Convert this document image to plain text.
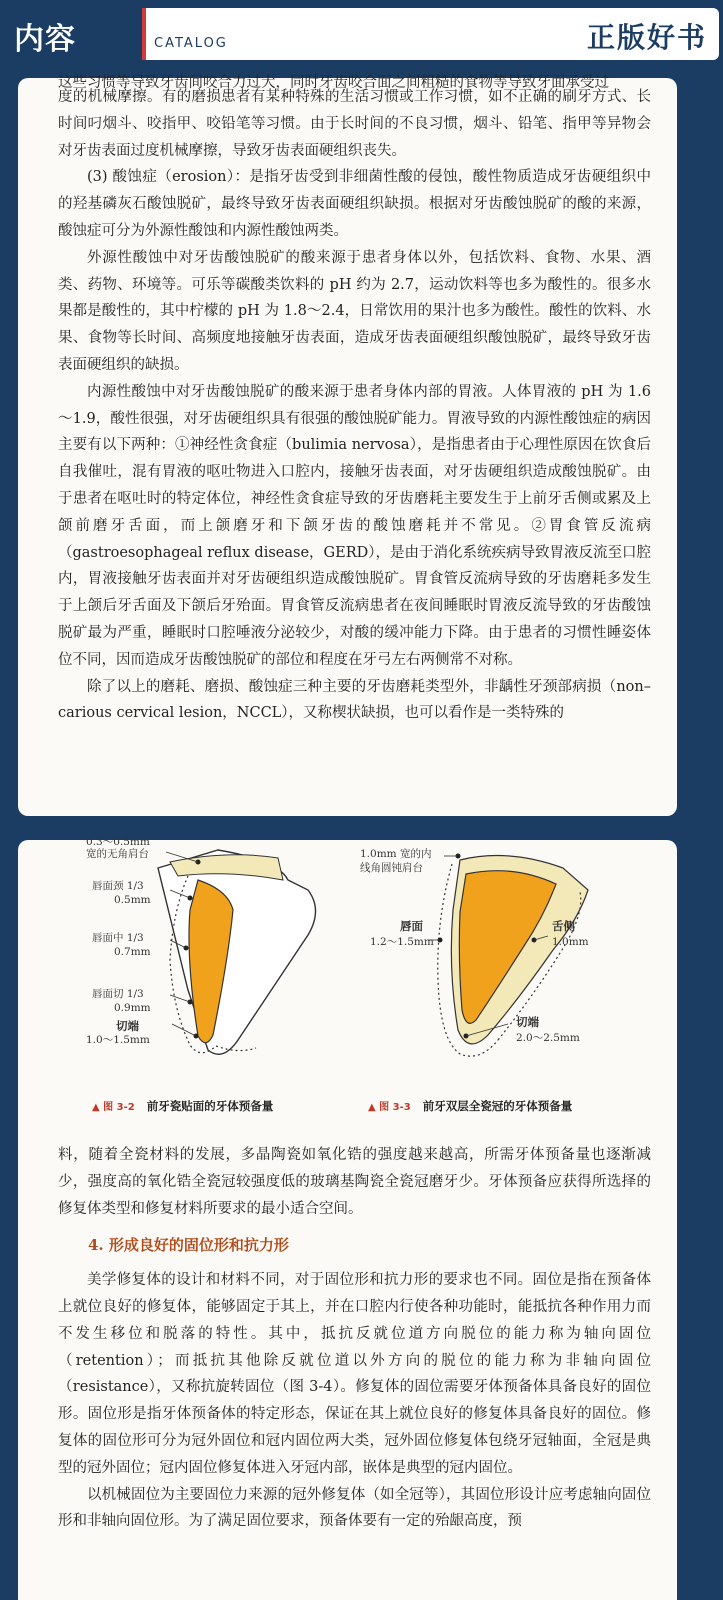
内容	CATALOG	正版好书

这些习惯等导致牙齿间咬合力过大，同时牙齿咬合面之间粗糙的食物等导致牙面承受过

度的机械摩擦。有的磨损患者有某种特殊的生活习惯或工作习惯，如不正确的刷牙方式、长时间叼烟斗、咬指甲、咬铅笔等习惯。由于长时间的不良习惯，烟斗、铅笔、指甲等异物会对牙齿表面过度机械摩擦，导致牙齿表面硬组织丧失。

(3) 酸蚀症（erosion）：是指牙齿受到非细菌性酸的侵蚀，酸性物质造成牙齿硬组织中的羟基磷灰石酸蚀脱矿，最终导致牙齿表面硬组织缺损。根据对牙齿酸蚀脱矿的酸的来源，酸蚀症可分为外源性酸蚀和内源性酸蚀两类。

外源性酸蚀中对牙齿酸蚀脱矿的酸来源于患者身体以外，包括饮料、食物、水果、酒类、药物、环境等。可乐等碳酸类饮料的 pH 约为 2.7，运动饮料等也多为酸性的。很多水果都是酸性的，其中柠檬的 pH 为 1.8～2.4，日常饮用的果汁也多为酸性。酸性的饮料、水果、食物等长时间、高频度地接触牙齿表面，造成牙齿表面硬组织酸蚀脱矿，最终导致牙齿表面硬组织的缺损。

内源性酸蚀中对牙齿酸蚀脱矿的酸来源于患者身体内部的胃液。人体胃液的 pH 为 1.6～1.9，酸性很强，对牙齿硬组织具有很强的酸蚀脱矿能力。胃液导致的内源性酸蚀症的病因主要有以下两种：①神经性贪食症（bulimia nervosa），是指患者由于心理性原因在饮食后自我催吐，混有胃液的呕吐物进入口腔内，接触牙齿表面，对牙齿硬组织造成酸蚀脱矿。由于患者在呕吐时的特定体位，神经性贪食症导致的牙齿磨耗主要发生于上前牙舌侧或累及上颌前磨牙舌面，而上颌磨牙和下颌牙齿的酸蚀磨耗并不常见。②胃食管反流病（gastroesophageal reflux disease，GERD），是由于消化系统疾病导致胃液反流至口腔内，胃液接触牙齿表面并对牙齿硬组织造成酸蚀脱矿。胃食管反流病导致的牙齿磨耗多发生于上颌后牙舌面及下颌后牙殆面。胃食管反流病患者在夜间睡眠时胃液反流导致的牙齿酸蚀脱矿最为严重，睡眠时口腔唾液分泌较少，对酸的缓冲能力下降。由于患者的习惯性睡姿体位不同，因而造成牙齿酸蚀脱矿的部位和程度在牙弓左右两侧常不对称。

除了以上的磨耗、磨损、酸蚀症三种主要的牙齿磨耗类型外，非龋性牙颈部病损（non–carious cervical lesion，NCCL），又称楔状缺损，也可以看作是一类特殊的

0.3～0.5mm
宽的无角肩台
唇面颈 1/3
0.5mm
唇面中 1/3
0.7mm
唇面切 1/3
0.9mm
切端
1.0～1.5mm
1.0mm 宽的内
线角圆钝肩台
唇面
1.2～1.5mm
舌侧
1.0mm
切端
2.0～2.5mm
▲ 图 3-2 前牙瓷贴面的牙体预备量	▲ 图 3-3 前牙双层全瓷冠的牙体预备量

料，随着全瓷材料的发展，多晶陶瓷如氧化锆的强度越来越高，所需牙体预备量也逐渐减少，强度高的氧化锆全瓷冠较强度低的玻璃基陶瓷全瓷冠磨牙少。牙体预备应获得所选择的修复体类型和修复材料所要求的最小适合空间。

4. 形成良好的固位形和抗力形

美学修复体的设计和材料不同，对于固位形和抗力形的要求也不同。固位是指在预备体上就位良好的修复体，能够固定于其上，并在口腔内行使各种功能时，能抵抗各种作用力而不发生移位和脱落的特性。其中，抵抗反就位道方向脱位的能力称为轴向固位（retention）；而抵抗其他除反就位道以外方向的脱位的能力称为非轴向固位（resistance），又称抗旋转固位（图 3-4）。修复体的固位需要牙体预备体具备良好的固位形。固位形是指牙体预备体的特定形态，保证在其上就位良好的修复体具备良好的固位。修复体的固位形可分为冠外固位和冠内固位两大类，冠外固位修复体包绕牙冠轴面，全冠是典型的冠外固位；冠内固位修复体进入牙冠内部，嵌体是典型的冠内固位。

以机械固位为主要固位力来源的冠外修复体（如全冠等），其固位形设计应考虑轴向固位形和非轴向固位形。为了满足固位要求，预备体要有一定的殆龈高度，预
